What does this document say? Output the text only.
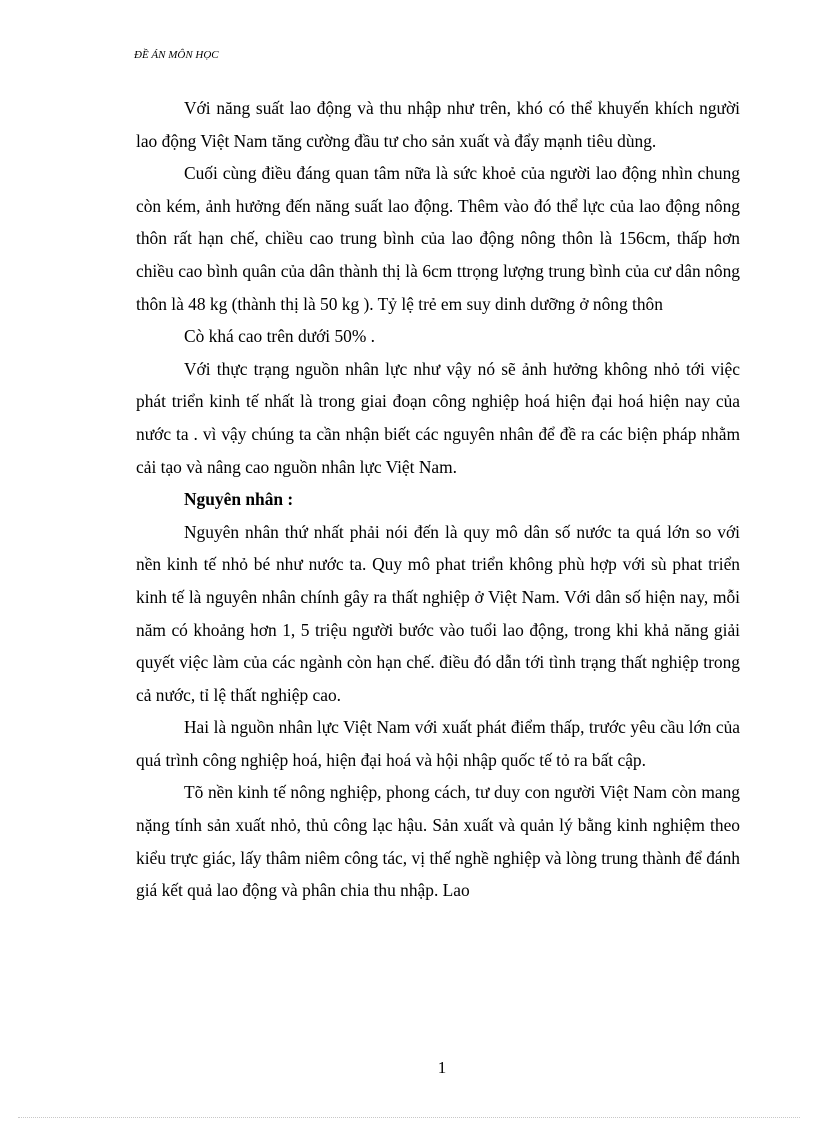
ĐỀ ÁN MÔN HỌC

Với năng suất lao động và thu nhập như trên, khó có thể khuyến khích người lao động Việt Nam tăng cường đầu tư cho sản xuất và đẩy mạnh tiêu dùng.

Cuối cùng điều đáng quan tâm nữa là sức khoẻ của người lao động nhìn chung còn kém, ảnh hưởng đến năng suất lao động. Thêm vào đó thể lực của lao động nông thôn rất hạn chế, chiều cao trung bình của lao động nông thôn là 156cm, thấp hơn chiều cao bình quân của dân thành thị là 6cm ttrọng lượng trung bình của cư dân nông thôn là 48 kg (thành thị là 50 kg ). Tỷ lệ trẻ em suy dinh dưỡng ở nông thôn

Cò khá cao trên dưới 50% .

Với thực trạng nguồn nhân lực như vậy nó sẽ ảnh hưởng không nhỏ tới việc phát triển kinh tế nhất là trong giai đoạn công nghiệp hoá hiện đại hoá hiện nay của nước ta . vì vậy chúng ta cần nhận biết các nguyên nhân để đề ra các biện pháp nhằm cải tạo và nâng cao nguồn nhân lực Việt Nam.

Nguyên nhân :

Nguyên nhân thứ nhất phải nói đến là quy mô dân số nước ta quá lớn so với nền kinh tế nhỏ bé như nước ta. Quy mô phat triển không phù hợp với sù phat triển kinh tế là nguyên nhân chính gây ra thất nghiệp ở Việt Nam. Với dân số hiện nay, mỗi năm có khoảng hơn 1, 5 triệu người bước vào tuổi lao động, trong khi khả năng giải quyết việc làm của các ngành còn hạn chế. điều đó dẫn tới tình trạng thất nghiệp trong cả nước, tỉ lệ thất nghiệp cao.

Hai là nguồn nhân lực Việt Nam với xuất phát điểm thấp, trước yêu cầu lớn của quá trình công nghiệp hoá, hiện đại hoá và hội nhập quốc tế tỏ ra bất cập.

Tõ nền kinh tế nông nghiệp, phong cách, tư duy con người Việt Nam còn mang nặng tính sản xuất nhỏ, thủ công lạc hậu. Sản xuất và quản lý bằng kinh nghiệm theo kiểu trực giác, lấy thâm niêm công tác, vị thế nghề nghiệp và lòng trung thành để đánh giá kết quả lao động và phân chia thu nhập. Lao

1
